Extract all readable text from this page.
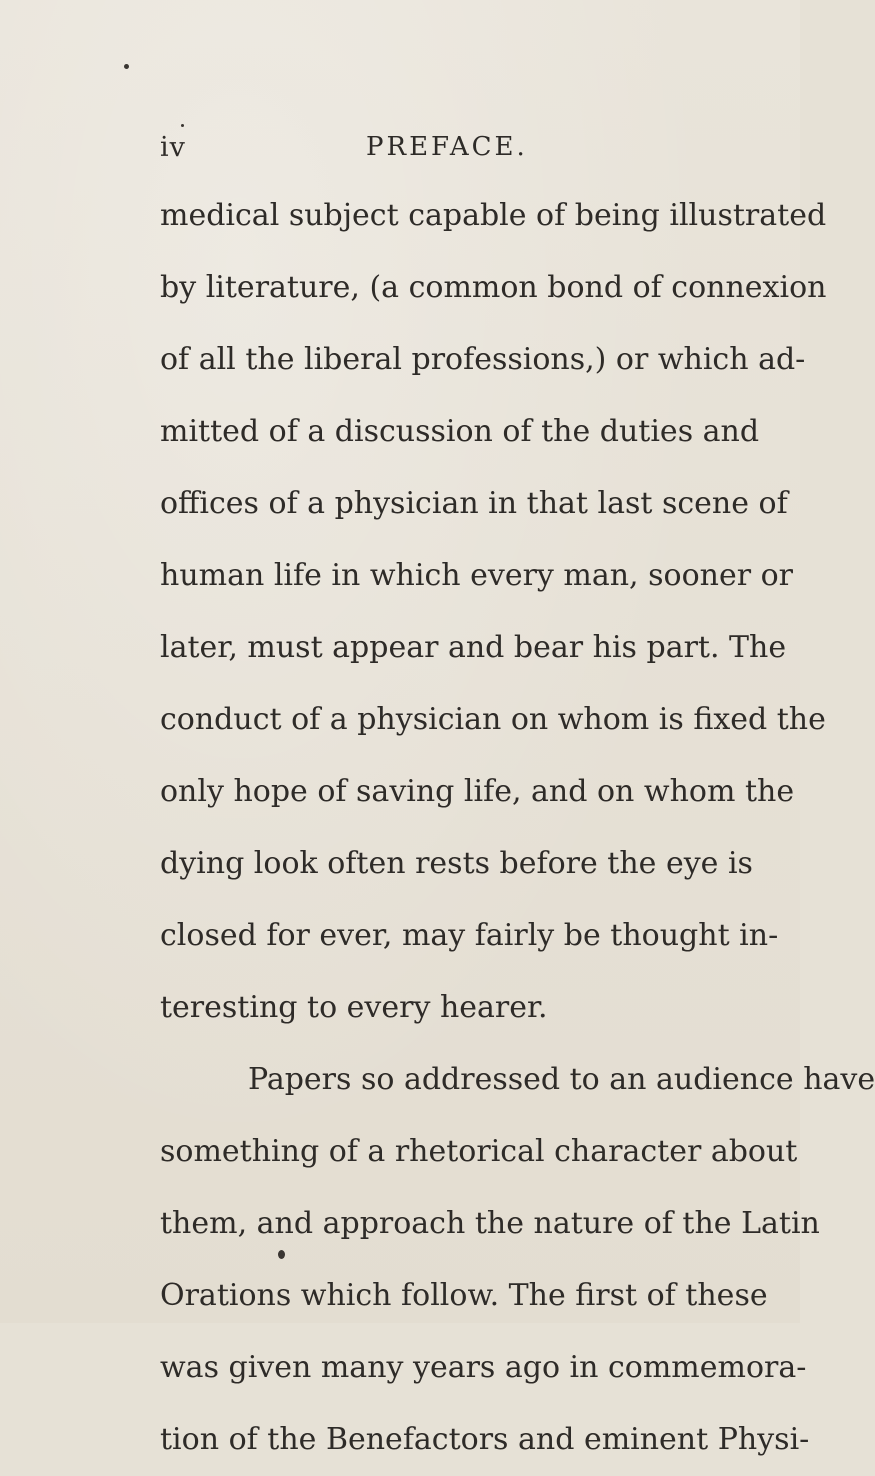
iv	PREFACE.
medical subject capable of being illustrated
by literature, (a common bond of connexion
of all the liberal professions,) or which ad-
mitted of a discussion of the duties and
offices of a physician in that last scene of
human life in which every man, sooner or
later, must appear and bear his part. The
conduct of a physician on whom is fixed the
only hope of saving life, and on whom the
dying look often rests before the eye is
closed for ever, may fairly be thought in-
teresting to every hearer.
Papers so addressed to an audience have
something of a rhetorical character about
them, and approach the nature of the Latin
Orations which follow. The first of these
was given many years ago in commemora-
tion of the Benefactors and eminent Physi-
